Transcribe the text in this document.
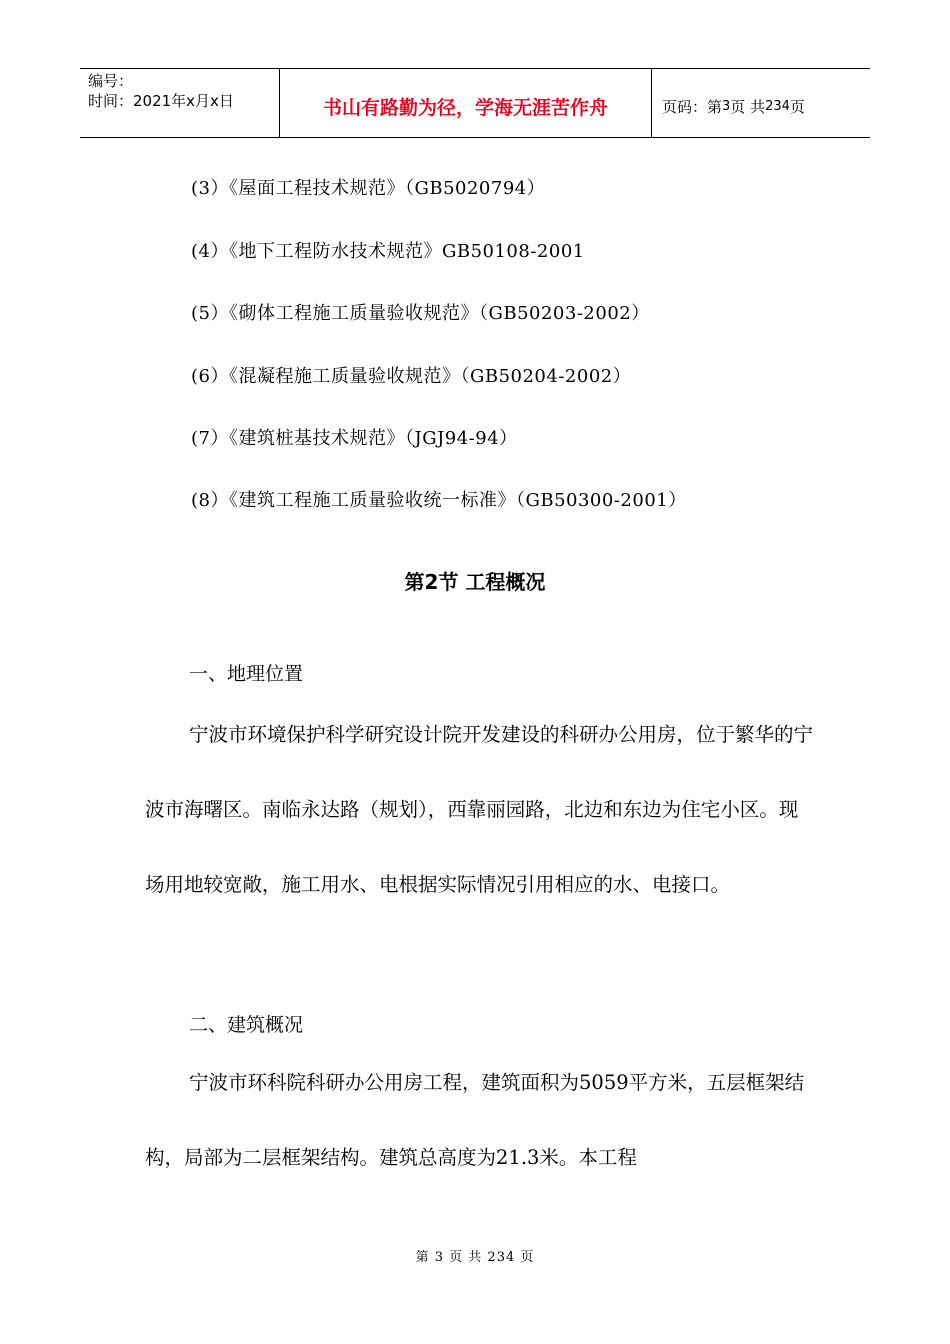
编号：
时间：2021年x月x日	书山有路勤为径，学海无涯苦作舟	页码：第 3 页 共 234 页
(3）《屋面工程技术规范》（GB5020794）
(4）《地下工程防水技术规范》GB50108-2001
(5）《砌体工程施工质量验收规范》（GB50203-2002）
(6）《混凝程施工质量验收规范》（GB50204-2002）
(7）《建筑桩基技术规范》（JGJ94-94）
(8）《建筑工程施工质量验收统一标准》（GB50300-2001）
第2节 工程概况
一、地理位置

宁波市环境保护科学研究设计院开发建设的科研办公用房，位于繁华的宁波市海曙区。南临永达路（规划），西靠丽园路，北边和东边为住宅小区。现场用地较宽敞，施工用水、电根据实际情况引用相应的水、电接口。

二、建筑概况

宁波市环科院科研办公用房工程，建筑面积为5059平方米，五层框架结构，局部为二层框架结构。建筑总高度为21.3米。本工程

第 3 页 共 234 页
